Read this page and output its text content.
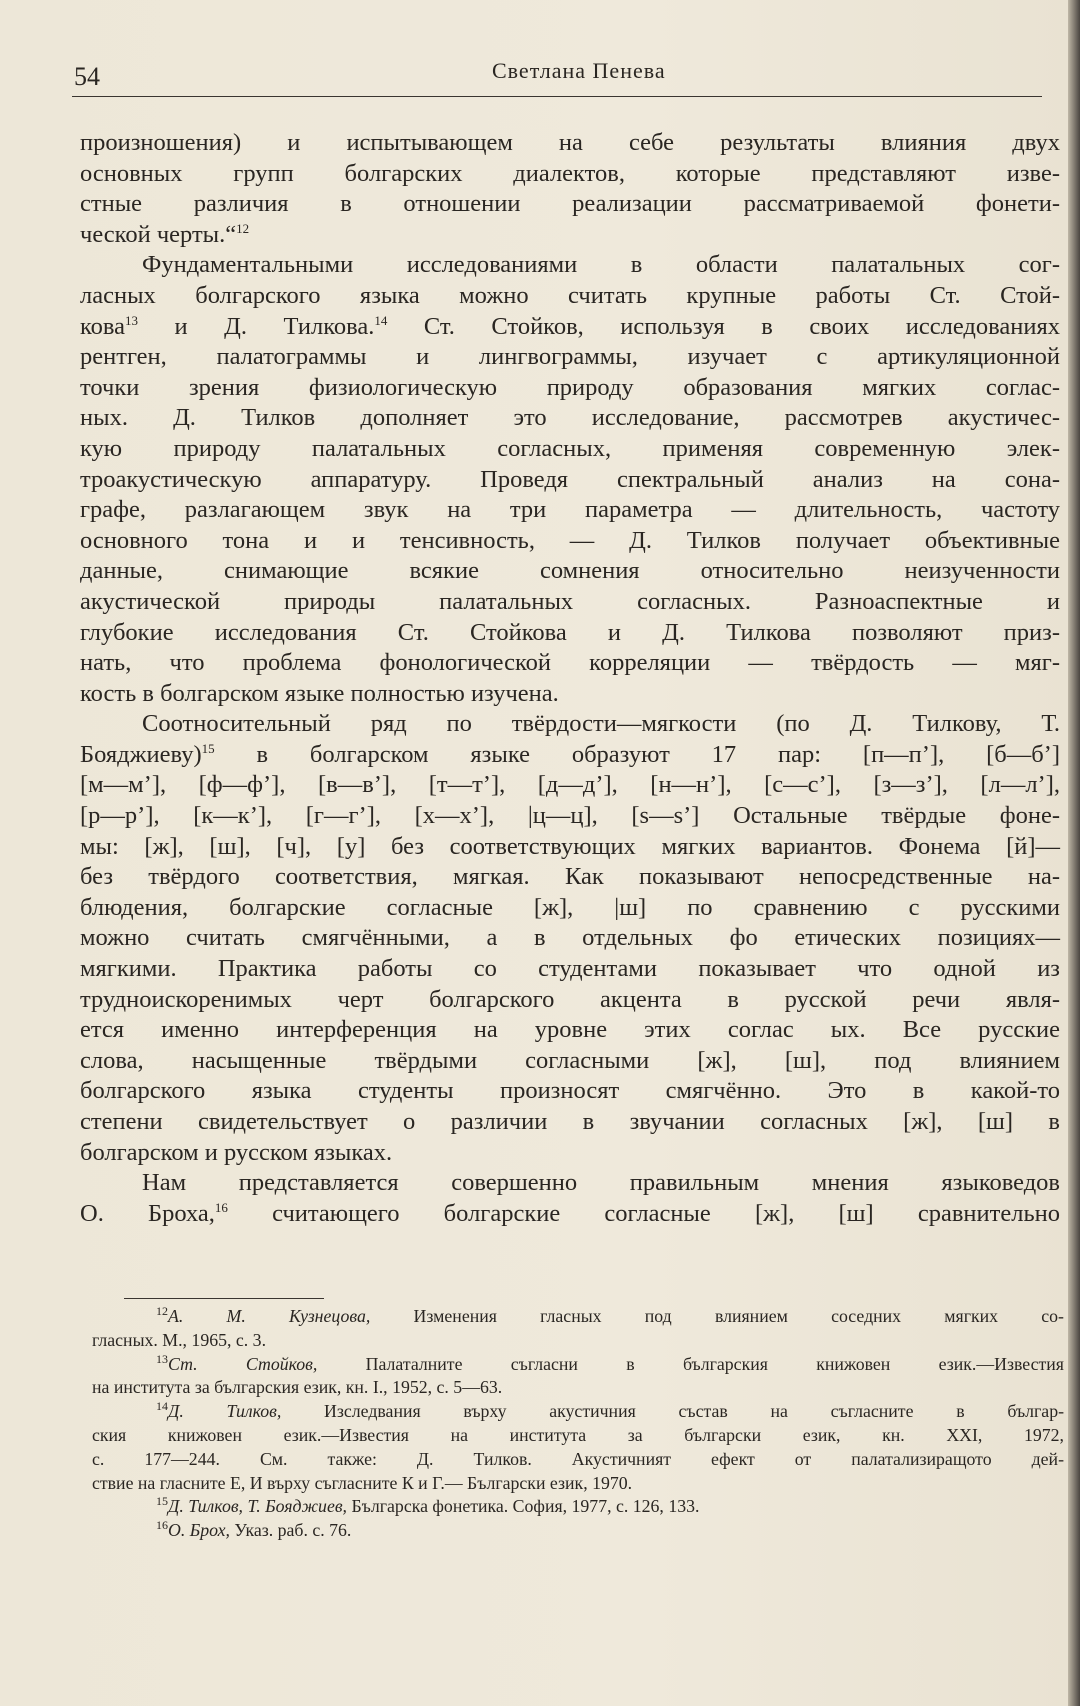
54	Светлана Пенева

произношения) и испытывающем на себе результаты влияния двух
основных групп болгарских диалектов, которые представляют изве-
стные различия в отношении реализации рассматриваемой фонети-
ческой черты.“$^{12}$

Фундаментальными исследованиями в области палатальных сог-
ласных болгарского языка можно считать крупные работы Ст. Стой-
кова$^{13}$ и Д. Тилкова.$^{14}$ Ст. Стойков, используя в своих исследованиях
рентген, палатограммы и лингвограммы, изучает с артикуляционной
точки зрения физиологическую природу образования мягких соглас-
ных. Д. Тилков дополняет это исследование, рассмотрев акустичес-
кую природу палатальных согласных, применяя современную элек-
троакустическую аппаратуру. Проведя спектральный анализ на сона-
графе, разлагающем звук на три параметра — длительность, частоту
основного тона и и тенсивность, — Д. Тилков получает объективные
данные, снимающие всякие сомнения относительно неизученности
акустической природы палатальных согласных. Разноаспектные и
глубокие исследования Ст. Стойкова и Д. Тилкова позволяют приз-
нать, что проблема фонологической корреляции — твёрдость — мяг-
кость в болгарском языке полностью изучена.

Соотносительный ряд по твёрдости—мягкости (по Д. Тилкову, Т.
Бояджиеву)$^{15}$ в болгарском языке образуют 17 пар: [п—п’], [б—б’]
[м—м’], [ф—ф’], [в—в’], [т—т’], [д—д’], [н—н’], [с—с’], [з—з’], [л—л’],
[р—р’], [к—к’], [г—г’], [х—х’], |ц—ц], [s—s’] Остальные твёрдые фоне-
мы: [ж], [ш], [ч], [у] без соответствующих мягких вариантов. Фонема [й]—
без твёрдого соответствия, мягкая. Как показывают непосредственные на-
блюдения, болгарские согласные [ж], |ш] по сравнению с русскими
можно считать смягчёнными, а в отдельных фо етических позициях—
мягкими. Практика работы со студентами показывает что одной из
трудноискоренимых черт болгарского акцента в русской речи явля-
ется именно интерференция на уровне этих соглас ых. Все русские
слова, насыщенные твёрдыми согласными [ж], [ш], под влиянием
болгарского языка студенты произносят смягчённо. Это в какой-то
степени свидетельствует о различии в звучании согласных [ж], [ш] в
болгарском и русском языках.

Нам представляется совершенно правильным мнения языковедов
О. Броха,$^{16}$ считающего болгарские согласные [ж], [ш] сравнительно

$^{12}$А. М. Кузнецова, Изменения гласных под влиянием соседних мягких со-
гласных. М., 1965, с. 3.

$^{13}$Ст. Стойков, Палаталните съгласни в българския книжовен език.—Известия
на института за българския език, кн. I., 1952, с. 5—63.

$^{14}$Д. Тилков, Изследвания върху акустичния състав на съгласните в българ-
ския книжовен език.—Известия на института за български език, кн. XXI, 1972,
с. 177—244. См. также: Д. Тилков. Акустичният ефект от палатализиращото дей-
ствие на гласните Е, И върху съгласните К и Г.— Български език, 1970.

$^{15}$Д. Тилков, Т. Бояджиев, Българска фонетика. София, 1977, с. 126, 133.

$^{16}$О. Брох, Указ. раб. с. 76.
